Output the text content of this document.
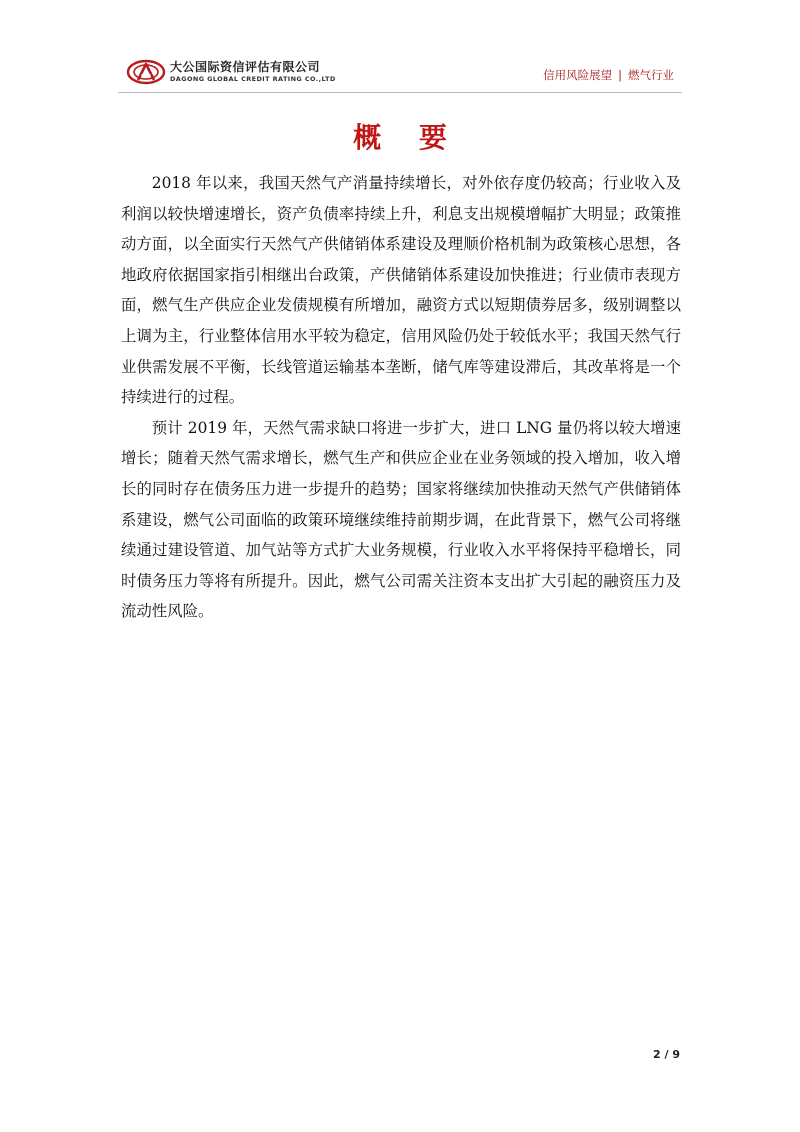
大公国际资信评估有限公司
DAGONG GLOBAL CREDIT RATING CO.,LTD	信用风险展望 | 燃气行业
概 要

2018 年以来，我国天然气产消量持续增长，对外依存度仍较高；行业收入及利润以较快增速增长，资产负债率持续上升，利息支出规模增幅扩大明显；政策推动方面，以全面实行天然气产供储销体系建设及理顺价格机制为政策核心思想，各地政府依据国家指引相继出台政策，产供储销体系建设加快推进；行业债市表现方面，燃气生产供应企业发债规模有所增加，融资方式以短期债券居多，级别调整以上调为主，行业整体信用水平较为稳定，信用风险仍处于较低水平；我国天然气行业供需发展不平衡，长线管道运输基本垄断，储气库等建设滞后，其改革将是一个持续进行的过程。

预计 2019 年，天然气需求缺口将进一步扩大，进口 LNG 量仍将以较大增速增长；随着天然气需求增长，燃气生产和供应企业在业务领域的投入增加，收入增长的同时存在债务压力进一步提升的趋势；国家将继续加快推动天然气产供储销体系建设，燃气公司面临的政策环境继续维持前期步调，在此背景下，燃气公司将继续通过建设管道、加气站等方式扩大业务规模，行业收入水平将保持平稳增长，同时债务压力等将有所提升。因此，燃气公司需关注资本支出扩大引起的融资压力及流动性风险。

2 / 9
